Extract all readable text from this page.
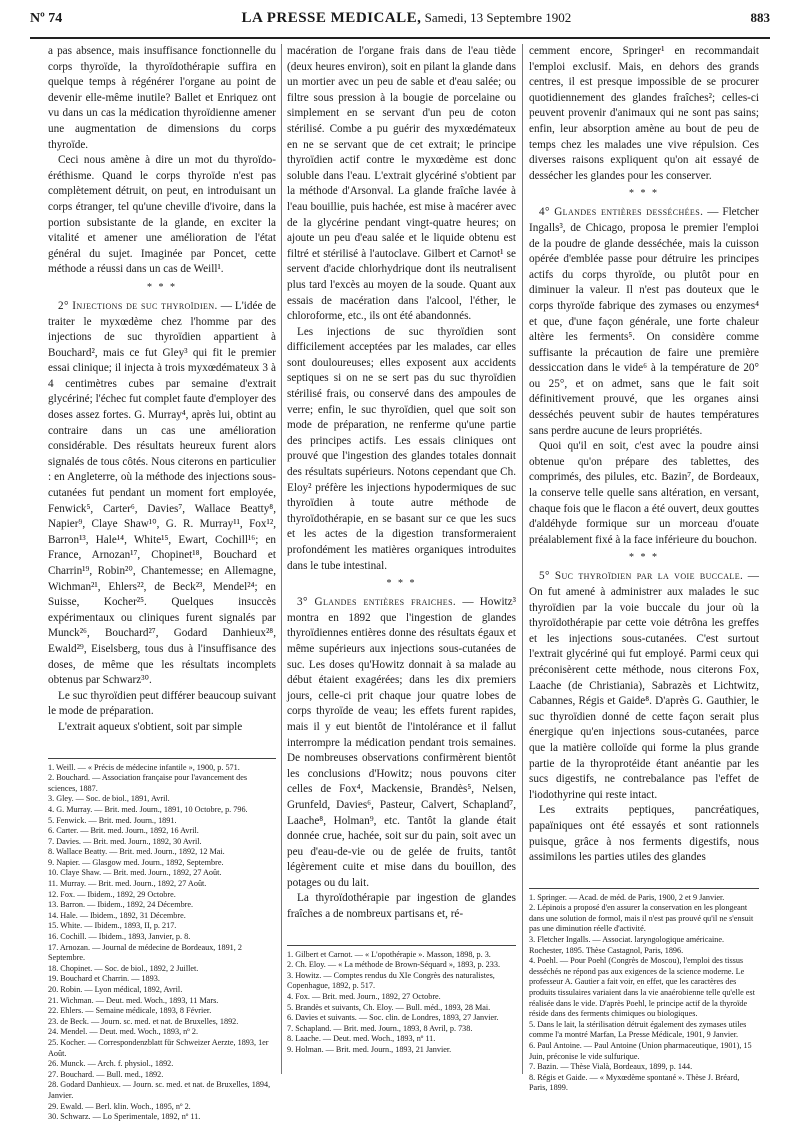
Nº 74	LA PRESSE MEDICALE, Samedi, 13 Septembre 1902	883

a pas absence, mais insuffisance fonctionnelle du corps thyroïde, la thyroïdothérapie suffira en quelque temps à régénérer l'organe au point de devenir elle-même inutile? Ballet et Enriquez ont vu dans un cas la médication thyroïdienne amener une augmentation de dimensions du corps thyroïde.

Ceci nous amène à dire un mot du thyroïdo-éréthisme. Quand le corps thyroïde n'est pas complètement détruit, on peut, en introduisant un corps étranger, tel qu'une cheville d'ivoire, dans la portion subsistante de la glande, en exciter la vitalité et amener une amélioration de l'état général du sujet. Imaginée par Poncet, cette méthode a réussi dans un cas de Weill¹.

* * *

2° Injections de suc thyroïdien. — L'idée de traiter le myxœdème chez l'homme par des injections de suc thyroïdien appartient à Bouchard², mais ce fut Gley³ qui fit le premier essai clinique; il injecta à trois myxœdémateux 3 à 4 centimètres cubes par semaine d'extrait glycériné; l'échec fut complet faute d'employer des doses assez fortes. G. Murray⁴, après lui, obtint au contraire dans un cas une amélioration considérable. Des résultats heureux furent alors signalés de tous côtés. Nous citerons en particulier : en Angleterre, où la méthode des injections sous-cutanées fut pendant un moment fort employée, Fenwick⁵, Carter⁶, Davies⁷, Wallace Beatty⁸, Napier⁹, Claye Shaw¹⁰, G. R. Murray¹¹, Fox¹², Barron¹³, Hale¹⁴, White¹⁵, Ewart, Cochill¹⁶; en France, Arnozan¹⁷, Chopinet¹⁸, Bouchard et Charrin¹⁹, Robin²⁰, Chantemesse; en Allemagne, Wichman²¹, Ehlers²², de Beck²³, Mendel²⁴; en Suisse, Kocher²⁵. Quelques insuccès expérimentaux ou cliniques furent signalés par Munck²⁶, Bouchard²⁷, Godard Danhieux²⁸, Ewald²⁹, Eiselsberg, tous dus à l'insuffisance des doses, de même que les résultats incomplets obtenus par Schwarz³⁰.

Le suc thyroïdien peut différer beaucoup suivant le mode de préparation.

L'extrait aqueux s'obtient, soit par simple

1. Weill. — « Précis de médecine infantile », 1900, p. 571.
2. Bouchard. — Association française pour l'avancement des sciences, 1887.
3. Gley. — Soc. de biol., 1891, Avril.
4. G. Murray. — Brit. med. Journ., 1891, 10 Octobre, p. 796.
5. Fenwick. — Brit. med. Journ., 1891.
6. Carter. — Brit. med. Journ., 1892, 16 Avril.
7. Davies. — Brit. med. Journ., 1892, 30 Avril.
8. Wallace Beatty. — Brit. med. Journ., 1892, 12 Mai.
9. Napier. — Glasgow med. Journ., 1892, Septembre.
10. Claye Shaw. — Brit. med. Journ., 1892, 27 Août.
11. Murray. — Brit. med. Journ., 1892, 27 Août.
12. Fox. — Ibidem., 1892, 29 Octobre.
13. Barron. — Ibidem., 1892, 24 Décembre.
14. Hale. — Ibidem., 1892, 31 Décembre.
15. White. — Ibidem., 1893, II, p. 217.
16. Cochill. — Ibidem., 1893, Janvier, p. 8.
17. Arnozan. — Journal de médecine de Bordeaux, 1891, 2 Septembre.
18. Chopinet. — Soc. de biol., 1892, 2 Juillet.
19. Bouchard et Charrin. — 1893.
20. Robin. — Lyon médical, 1892, Avril.
21. Wichman. — Deut. med. Woch., 1893, 11 Mars.
22. Ehlers. — Semaine médicale, 1893, 8 Février.
23. de Beck. — Journ. sc. med. et nat. de Bruxelles, 1892.
24. Mendel. — Deut. med. Woch., 1893, nº 2.
25. Kocher. — Correspondenzblatt für Schweizer Aerzte, 1893, 1er Août.
26. Munck. — Arch. f. physiol., 1892.
27. Bouchard. — Bull. med., 1892.
28. Godard Danhieux. — Journ. sc. med. et nat. de Bruxelles, 1894, Janvier.
29. Ewald. — Berl. klin. Woch., 1895, nº 2.
30. Schwarz. — Lo Sperimentale, 1892, nº 11.

macération de l'organe frais dans de l'eau tiède (deux heures environ), soit en pilant la glande dans un mortier avec un peu de sable et d'eau salée; ou filtre sous pression à la bougie de porcelaine ou simplement en se servant d'un peu de coton stérilisé. Combe a pu guérir des myxœdémateux en ne se servant que de cet extrait; le principe thyroïdien actif contre le myxœdème est donc soluble dans l'eau. L'extrait glycériné s'obtient par la méthode d'Arsonval. La glande fraîche lavée à l'eau bouillie, puis hachée, est mise à macérer avec de la glycérine pendant vingt-quatre heures; on ajoute un peu d'eau salée et le liquide obtenu est filtré et stérilisé à l'autoclave. Gilbert et Carnot¹ se servent d'acide chlorhydrique dont ils neutralisent plus tard l'excès au moyen de la soude. Quant aux essais de macération dans l'alcool, l'éther, le chloroforme, etc., ils ont été abandonnés.

Les injections de suc thyroïdien sont difficilement acceptées par les malades, car elles sont douloureuses; elles exposent aux accidents septiques si on ne se sert pas du suc thyroïdien stérilisé frais, ou conservé dans des ampoules de verre; enfin, le suc thyroïdien, quel que soit son mode de préparation, ne renferme qu'une partie des principes actifs. Les essais cliniques ont prouvé que l'ingestion des glandes totales donnait des résultats supérieurs. Notons cependant que Ch. Eloy² préfère les injections hypodermiques de suc thyroïdien à toute autre méthode de thyroïdothérapie, en se basant sur ce que les sucs et les actes de la digestion transformeraient profondément les matières organiques introduites dans le tube intestinal.

* * *

3° Glandes entières fraiches. — Howitz³ montra en 1892 que l'ingestion de glandes thyroïdiennes entières donne des résultats égaux et même supérieurs aux injections sous-cutanées de suc. Les doses qu'Howitz donnait à sa malade au début étaient exagérées; dans les dix premiers jours, celle-ci prit chaque jour quatre lobes de corps thyroïde de veau; les effets furent rapides, mais il y eut bientôt de l'intolérance et il fallut interrompre la médication pendant trois semaines. De nombreuses observations confirmèrent bientôt les conclusions d'Howitz; nous pouvons citer celles de Fox⁴, Mackensie, Brandès⁵, Nelsen, Grunfeld, Davies⁶, Pasteur, Calvert, Schapland⁷, Laache⁸, Holman⁹, etc. Tantôt la glande était donnée crue, hachée, soit sur du pain, soit avec un peu d'eau-de-vie ou de gelée de fruits, tantôt légèrement cuite et mise dans du bouillon, des potages ou du lait.

La thyroïdothérapie par ingestion de glandes fraîches a de nombreux partisans et, ré-

1. Gilbert et Carnot. — « L'opothérapie ». Masson, 1898, p. 3.
2. Ch. Eloy. — « La méthode de Brown-Séquard », 1893, p. 233.
3. Howitz. — Comptes rendus du XIe Congrès des naturalistes, Copenhague, 1892, p. 517.
4. Fox. — Brit. med. Journ., 1892, 27 Octobre.
5. Brandès et suivants, Ch. Eloy. — Bull. méd., 1893, 28 Mai.
6. Davies et suivants. — Soc. clin. de Londres, 1893, 27 Janvier.
7. Schapland. — Brit. med. Journ., 1893, 8 Avril, p. 738.
8. Laache. — Deut. med. Woch., 1893, nº 11.
9. Holman. — Brit. med. Journ., 1893, 21 Janvier.

cemment encore, Springer¹ en recommandait l'emploi exclusif. Mais, en dehors des grands centres, il est presque impossible de se procurer quotidiennement des glandes fraîches²; celles-ci peuvent provenir d'animaux qui ne sont pas sains; enfin, leur absorption amène au bout de peu de temps chez les malades une vive répulsion. Ces diverses raisons expliquent qu'on ait essayé de dessécher les glandes pour les conserver.

* * *

4° Glandes entières desséchées. — Fletcher Ingalls³, de Chicago, proposa le premier l'emploi de la poudre de glande desséchée, mais la cuisson opérée d'emblée passe pour détruire les principes actifs du corps thyroïde, ou plutôt pour en diminuer la valeur. Il n'est pas douteux que le corps thyroïde fabrique des zymases ou enzymes⁴ et que, d'une façon générale, une forte chaleur altère les ferments⁵. On considère comme suffisante la précaution de faire une première dessiccation dans le vide⁶ à la température de 20° ou 25°, et on admet, sans que le fait soit définitivement prouvé, que les organes ainsi desséchés peuvent subir de hautes températures sans perdre aucune de leurs propriétés.

Quoi qu'il en soit, c'est avec la poudre ainsi obtenue qu'on prépare des tablettes, des comprimés, des pilules, etc. Bazin⁷, de Bordeaux, la conserve telle quelle sans altération, en versant, chaque fois que le flacon a été ouvert, deux gouttes d'aldéhyde formique sur un morceau d'ouate préalablement fixé à la face inférieure du bouchon.

* * *

5° Suc thyroïdien par la voie buccale. — On fut amené à administrer aux malades le suc thyroïdien par la voie buccale du jour où la thyroïdothérapie par cette voie détrôna les greffes et les injections sous-cutanées. C'est surtout l'extrait glycériné qui fut employé. Parmi ceux qui préconisèrent cette méthode, nous citerons Fox, Laache (de Christiania), Sabrazès et Lichtwitz, Cabannes, Régis et Gaide⁸. D'après G. Gauthier, le suc thyroïdien donné de cette façon serait plus énergique qu'en injections sous-cutanées, parce que la matière colloïde qui forme la plus grande partie de la thyroprotéide étant anéantie par les sucs digestifs, ne contrebalance pas l'effet de l'iodothyrine qui reste intact.

Les extraits peptiques, pancréatiques, papaïniques ont été essayés et sont rationnels puisque, grâce à nos ferments digestifs, nous assimilons les parties utiles des glandes

1. Springer. — Acad. de méd. de Paris, 1900, 2 et 9 Janvier.
2. Lépinois a proposé d'en assurer la conservation en les plongeant dans une solution de formol, mais il n'est pas prouvé qu'il ne s'ensuit pas une diminution réelle d'activité.
3. Fletcher Ingalls. — Associat. laryngologique américaine. Rochester, 1895. Thèse Castagnol, Paris, 1896.
4. Poehl. — Pour Poehl (Congrès de Moscou), l'emploi des tissus desséchés ne répond pas aux exigences de la science moderne. Le professeur A. Gautier a fait voir, en effet, que les caractères des produits tissulaires variaient dans la vie anaérobienne telle qu'elle est réalisée dans le vide. D'après Poehl, le principe actif de la thyroïde réside dans des ferments chimiques ou biologiques.
5. Dans le lait, la stérilisation détruit également des zymases utiles comme l'a montré Marfan, La Presse Médicale, 1901, 9 Janvier.
6. Paul Antoine. — Paul Antoine (Union pharmaceutique, 1901), 15 Juin, préconise le vide sulfurique.
7. Bazin. — Thèse Vialà, Bordeaux, 1899, p. 144.
8. Régis et Gaide. — « Myxœdème spontané ». Thèse J. Bréard, Paris, 1899.
